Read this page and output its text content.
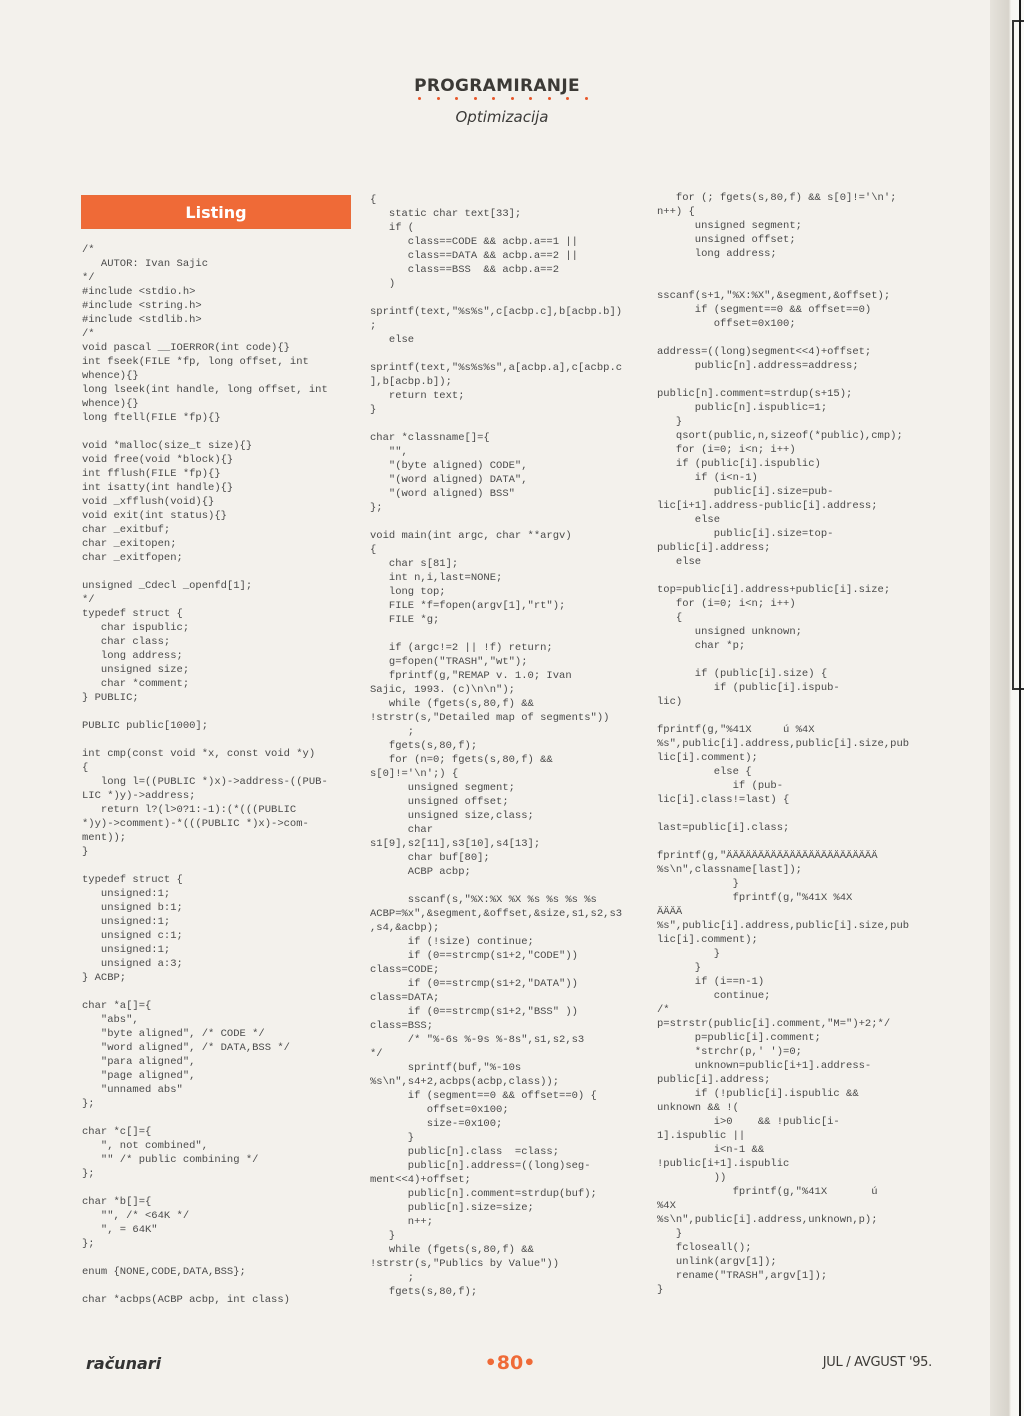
PROGRAMIRANJE
Optimizacija
Listing
/*
AUTOR: Ivan Sajic
*/
#include <stdio.h>
#include <string.h>
#include <stdlib.h>
/*
void pascal __IOERROR(int code){}
int fseek(FILE *fp, long offset, int
whence){}
long lseek(int handle, long offset, int
whence){}
long ftell(FILE *fp){}

void *malloc(size_t size){}
void free(void *block){}
int fflush(FILE *fp){}
int isatty(int handle){}
void _xfflush(void){}
void exit(int status){}
char _exitbuf;
char _exitopen;
char _exitfopen;

unsigned _Cdecl _openfd[1];
*/
typedef struct {
char ispublic;
char class;
long address;
unsigned size;
char *comment;
} PUBLIC;

PUBLIC public[1000];

int cmp(const void *x, const void *y)
{
long l=((PUBLIC *)x)->address-((PUB-
LIC *)y)->address;
return l?(l>0?1:-1):(*(((PUBLIC
*)y)->comment)-*(((PUBLIC *)x)->com-
ment));
}

typedef struct {
unsigned:1;
unsigned b:1;
unsigned:1;
unsigned c:1;
unsigned:1;
unsigned a:3;
} ACBP;

char *a[]={
"abs",
"byte aligned", /* CODE */
"word aligned", /* DATA,BSS */
"para aligned",
"page aligned",
"unnamed abs"
};

char *c[]={
", not combined",
"" /* public combining */
};

char *b[]={
"", /* <64K */
", = 64K"
};

enum {NONE,CODE,DATA,BSS};

char *acbps(ACBP acbp, int class)
{
static char text[33];
if (
class==CODE && acbp.a==1 ||
class==DATA && acbp.a==2 ||
class==BSS  && acbp.a==2
)

sprintf(text,"%s%s",c[acbp.c],b[acbp.b])
;
else

sprintf(text,"%s%s%s",a[acbp.a],c[acbp.c
],b[acbp.b]);
return text;
}

char *classname[]={
"",
"(byte aligned) CODE",
"(word aligned) DATA",
"(word aligned) BSS"
};

void main(int argc, char **argv)
{
char s[81];
int n,i,last=NONE;
long top;
FILE *f=fopen(argv[1],"rt");
FILE *g;

if (argc!=2 || !f) return;
g=fopen("TRASH","wt");
fprintf(g,"REMAP v. 1.0; Ivan
Sajic, 1993. (c)\n\n");
while (fgets(s,80,f) &&
!strstr(s,"Detailed map of segments"))
;
fgets(s,80,f);
for (n=0; fgets(s,80,f) &&
s[0]!='\n';) {
unsigned segment;
unsigned offset;
unsigned size,class;
char
s1[9],s2[11],s3[10],s4[13];
char buf[80];
ACBP acbp;

sscanf(s,"%X:%X %X %s %s %s %s
ACBP=%x",&segment,&offset,&size,s1,s2,s3
,s4,&acbp);
if (!size) continue;
if (0==strcmp(s1+2,"CODE"))
class=CODE;
if (0==strcmp(s1+2,"DATA"))
class=DATA;
if (0==strcmp(s1+2,"BSS" ))
class=BSS;
/* "%-6s %-9s %-8s",s1,s2,s3
*/
sprintf(buf,"%-10s
%s\n",s4+2,acbps(acbp,class));
if (segment==0 && offset==0) {
offset=0x100;
size-=0x100;
}
public[n].class  =class;
public[n].address=((long)seg-
ment<<4)+offset;
public[n].comment=strdup(buf);
public[n].size=size;
n++;
}
while (fgets(s,80,f) &&
!strstr(s,"Publics by Value"))
;
fgets(s,80,f);
for (; fgets(s,80,f) && s[0]!='\n';
n++) {
unsigned segment;
unsigned offset;
long address;

sscanf(s+1,"%X:%X",&segment,&offset);
if (segment==0 && offset==0)
offset=0x100;

address=((long)segment<<4)+offset;
public[n].address=address;

public[n].comment=strdup(s+15);
public[n].ispublic=1;
}
qsort(public,n,sizeof(*public),cmp);
for (i=0; i<n; i++)
if (public[i].ispublic)
if (i<n-1)
public[i].size=pub-
lic[i+1].address-public[i].address;
else
public[i].size=top-
public[i].address;
else

top=public[i].address+public[i].size;
for (i=0; i<n; i++)
{
unsigned unknown;
char *p;

if (public[i].size) {
if (public[i].ispub-
lic)

fprintf(g,"%41X     ú %4X
%s",public[i].address,public[i].size,pub
lic[i].comment);
else {
if (pub-
lic[i].class!=last) {

last=public[i].class;

fprintf(g,"ÄÄÄÄÄÄÄÄÄÄÄÄÄÄÄÄÄÄÄÄÄÄÄÄ
%s\n",classname[last]);
}
fprintf(g,"%41X %4X
ÄÄÄÄ
%s",public[i].address,public[i].size,pub
lic[i].comment);
}
}
if (i==n-1)
continue;
/*
p=strstr(public[i].comment,"M=")+2;*/
p=public[i].comment;
*strchr(p,' ')=0;
unknown=public[i+1].address-
public[i].address;
if (!public[i].ispublic &&
unknown && !(
i>0    && !public[i-
1].ispublic ||
i<n-1 &&
!public[i+1].ispublic
))
fprintf(g,"%41X       ú
%4X
%s\n",public[i].address,unknown,p);
}
fcloseall();
unlink(argv[1]);
rename("TRASH",argv[1]);
}
računari	•80•	JUL / AVGUST '95.
